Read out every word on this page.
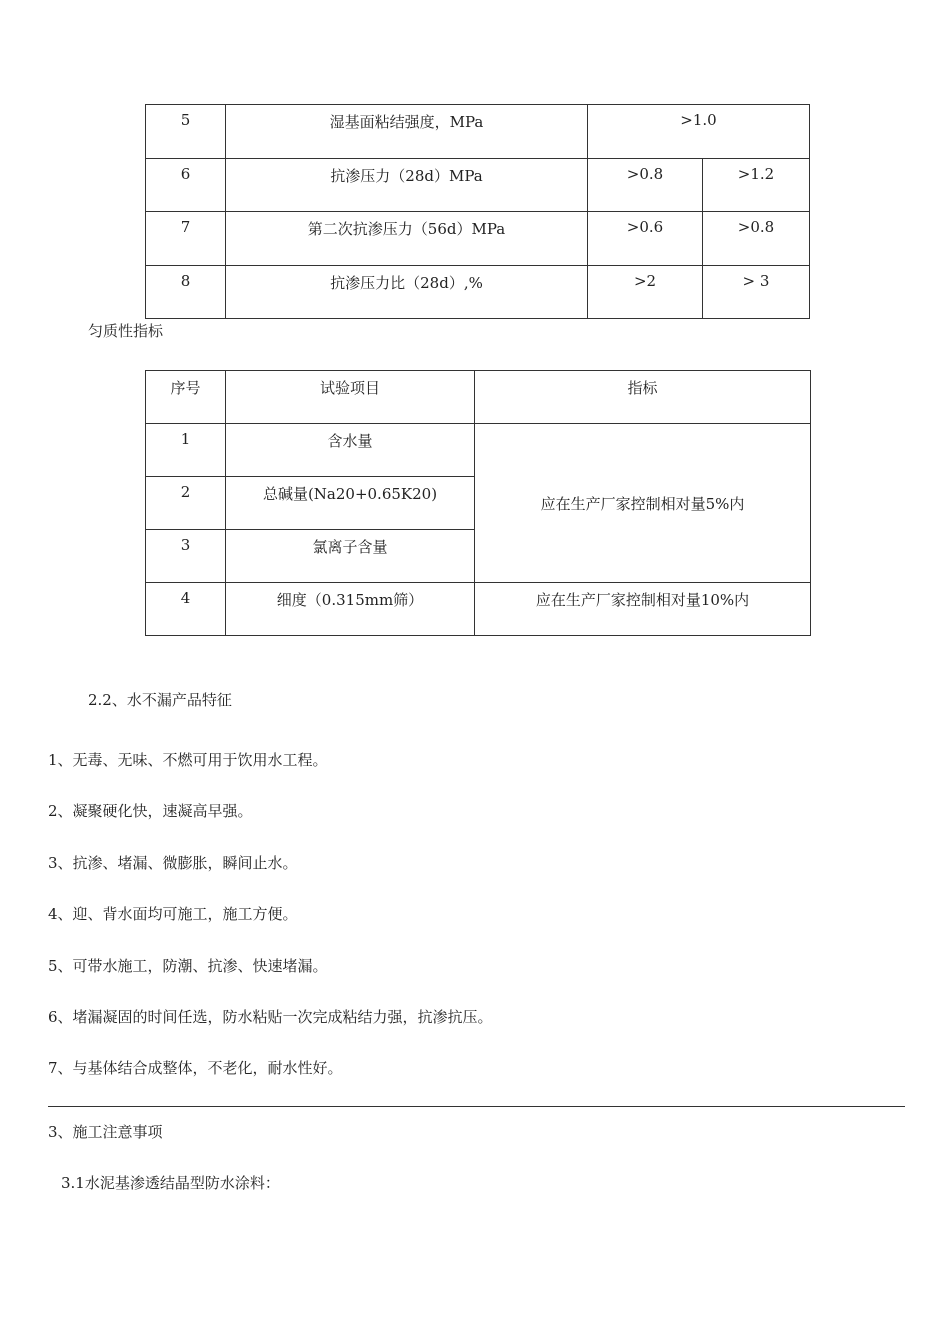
5	湿基面粘结强度，MPa	>1.0	
6	抗渗压力（28d）MPa	>0.8	>1.2
7	第二次抗渗压力（56d）MPa	>0.6	>0.8
8	抗渗压力比（28d）,%	>2	> 3

匀质性指标

序号	试验项目	指标
1	含水量	应在生产厂家控制相对量5%内
2	总碱量(Na20+0.65K20)	
3	氯离子含量	
4	细度（0.315mm筛）	应在生产厂家控制相对量10%内

2.2、水不漏产品特征

1、无毒、无味、不燃可用于饮用水工程。

2、凝聚硬化快，速凝高早强。

3、抗渗、堵漏、微膨胀，瞬间止水。

4、迎、背水面均可施工，施工方便。

5、可带水施工，防潮、抗渗、快速堵漏。

6、堵漏凝固的时间任选，防水粘贴一次完成粘结力强，抗渗抗压。

7、与基体结合成整体，不老化，耐水性好。

3、施工注意事项

3.1水泥基渗透结晶型防水涂料：
